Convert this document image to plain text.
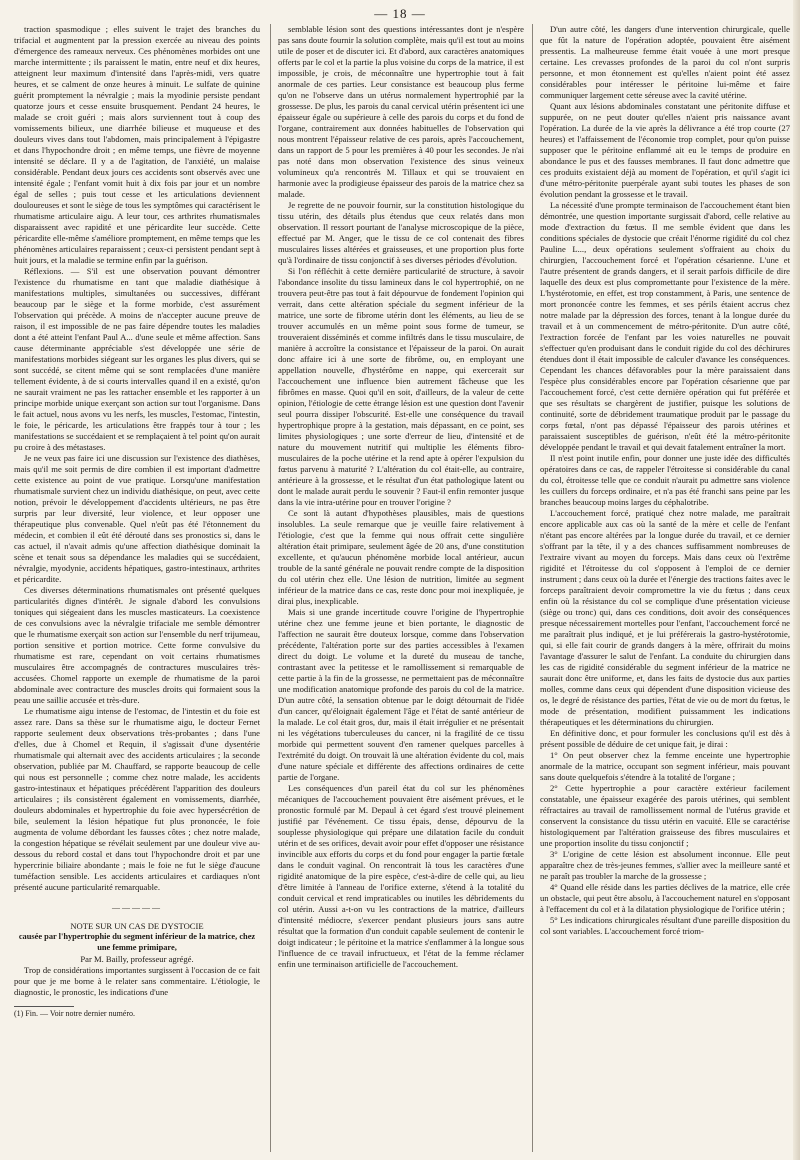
— 18 —

traction spasmodique ; elles suivent le trajet des branches du trifacial et augmentent par la pression exercée au niveau des points d'émergence des rameaux nerveux. Ces phénomènes morbides ont une marche intermittente ; ils paraissent le matin, entre neuf et dix heures, atteignent leur maximum d'intensité dans l'après-midi, vers quatre heures, et se calment de onze heures à minuit. Le sulfate de quinine guérit promptement la névralgie ; mais la myodinie persiste pendant quatorze jours et cesse ensuite brusquement. Pendant 24 heures, le malade se croit guéri ; mais alors surviennent tout à coup des vomissements bilieux, une diarrhée bilieuse et muqueuse et des douleurs vives dans tout l'abdomen, mais principalement à l'épigastre et dans l'hypochondre droit ; en même temps, une fièvre de moyenne intensité se déclare. Il y a de l'agitation, de l'anxiété, un malaise considérable. Pendant deux jours ces accidents sont observés avec une intensité égale ; l'enfant vomit huit à dix fois par jour et un nombre égal de selles ; puis tout cesse et les articulations deviennent douloureuses et sont le siège de tous les symptômes qui caractérisent le rhumatisme articulaire aigu. A leur tour, ces arthrites rhumatismales disparaissent avec rapidité et une péricardite leur succède. Cette péricardite elle-même s'améliore promptement, en même temps que les phénomènes articulaires reparaissent ; ceux-ci persistent pendant sept à huit jours, et la maladie se termine enfin par la guérison.

Réflexions. — S'il est une observation pouvant démontrer l'existence du rhumatisme en tant que maladie diathésique à manifestations multiples, simultanées ou successives, différant beaucoup par le siège et la forme morbide, c'est assurément l'observation qui précède. A moins de n'accepter aucune preuve de raison, il est impossible de ne pas faire dépendre toutes les maladies dont a été atteint l'enfant Paul A... d'une seule et même affection. Sans cause déterminante appréciable s'est développée une série de manifestations morbides siégeant sur les organes les plus divers, qui se sont succédé, se citent même qui se sont remplacées d'une manière tellement évidente, à de si courts intervalles quand il en a existé, qu'on ne saurait vraiment ne pas les rattacher ensemble et les rapporter à un principe morbide unique exerçant son action sur tout l'organisme. Dans le fait actuel, nous avons vu les nerfs, les muscles, l'estomac, l'intestin, le foie, le péricarde, les articulations être frappés tour à tour ; les manifestations se succédaient et se remplaçaient à tel point qu'on aurait pu croire à des métastases.

Je ne veux pas faire ici une discussion sur l'existence des diathèses, mais qu'il me soit permis de dire combien il est important d'admettre cette existence au point de vue pratique. Lorsqu'une manifestation rhumatismale survient chez un individu diathésique, on peut, avec cette notion, prévoir le développement d'accidents ultérieurs, ne pas être surpris par leur diversité, leur violence, et leur opposer une thérapeutique plus convenable. Quel n'eût pas été l'étonnement du médecin, et combien il eût été dérouté dans ses pronostics si, dans le cas actuel, il n'avait admis qu'une affection diathésique dominait la scène et tenait sous sa dépendance les maladies qui se succédaient, névralgie, myodynie, accidents hépatiques, gastro-intestinaux, arthrites et péricardite.

Ces diverses déterminations rhumatismales ont présenté quelques particularités dignes d'intérêt. Je signale d'abord les convulsions toniques qui siégeaient dans les muscles masticateurs. La coexistence de ces convulsions avec la névralgie trifaciale me semble démontrer que le rhumatisme exerçait son action sur l'ensemble du nerf trijumeau, portion sensitive et portion motrice. Cette forme convulsive du rhumatisme est rare, cependant on voit certains rhumatismes musculaires être accompagnés de contractures musculaires très-accusées. Chomel rapporte un exemple de rhumatisme de la paroi abdominale avec contracture des muscles droits qui formaient sous la peau une saillie accusée et très-dure.

Le rhumatisme aigu intense de l'estomac, de l'intestin et du foie est assez rare. Dans sa thèse sur le rhumatisme aigu, le docteur Fernet rapporte seulement deux observations très-probantes ; dans l'une d'elles, due à Chomel et Requin, il s'agissait d'une dysentérie rhumatismale qui alternait avec des accidents articulaires ; la seconde observation, publiée par M. Chauffard, se rapporte beaucoup de celle qui nous est personnelle ; comme chez notre malade, les accidents gastro-intestinaux et hépatiques précédèrent l'apparition des douleurs articulaires ; ils consistèrent également en vomissements, diarrhée, douleurs abdominales et hypertrophie du foie avec hypersécrétion de bile, seulement la lésion hépatique fut plus prononcée, le foie augmenta de volume débordant les fausses côtes ; chez notre malade, la congestion hépatique se révélait seulement par une douleur vive au-dessous du rebord costal et dans tout l'hypochondre droit et par une hypercrinie biliaire abondante ; mais le foie ne fut le siège d'aucune tuméfaction sensible. Les accidents articulaires et cardiaques n'ont présenté aucune particularité remarquable.

—————

NOTE SUR UN CAS DE DYSTOCIE

causée par l'hypertrophie du segment inférieur de la matrice, chez une femme primipare,

Par M. Bailly, professeur agrégé.

Trop de considérations importantes surgissent à l'occasion de ce fait pour que je me borne à le relater sans commentaire. L'étiologie, le diagnostic, le pronostic, les indications d'une

(1) Fin. — Voir notre dernier numéro.

semblable lésion sont des questions intéressantes dont je n'espère pas sans doute fournir la solution complète, mais qu'il est tout au moins utile de poser et de discuter ici. Et d'abord, aux caractères anatomiques offerts par le col et la partie la plus voisine du corps de la matrice, il est impossible, je crois, de méconnaître une hypertrophie tout à fait anormale de ces parties. Leur consistance est beaucoup plus ferme qu'on ne l'observe dans un utérus normalement hypertrophié par la grossesse. De plus, les parois du canal cervical utérin présentent ici une épaisseur égale ou supérieure à celle des parois du corps et du fond de l'organe, contrairement aux données habituelles de l'observation qui nous montrent l'épaisseur relative de ces parois, après l'accouchement, dans un rapport de 5 pour les premières à 40 pour les secondes. Je n'ai pas noté dans mon observation l'existence des sinus veineux volumineux qu'a rencontrés M. Tillaux et qui se trouvaient en harmonie avec la prodigieuse épaisseur des parois de la matrice chez sa malade.

Je regrette de ne pouvoir fournir, sur la constitution histologique du tissu utérin, des détails plus étendus que ceux relatés dans mon observation. Il ressort pourtant de l'analyse microscopique de la pièce, effectué par M. Anger, que le tissu de ce col contenait des fibres musculaires lisses altérées et graisseuses, et une proportion plus forte qu'à l'ordinaire de tissu conjonctif à ses diverses périodes d'évolution.

Si l'on réfléchit à cette dernière particularité de structure, à savoir l'abondance insolite du tissu lamineux dans le col hypertrophié, on ne trouvera peut-être pas tout à fait dépourvue de fondement l'opinion qui verrait, dans cette altération spéciale du segment inférieur de la matrice, une sorte de fibrome utérin dont les éléments, au lieu de se trouver accumulés en un même point sous forme de tumeur, se trouveraient disséminés et comme infiltrés dans le tissu musculaire, de manière à accroître la consistance et l'épaisseur de la paroi. On aurait donc affaire ici à une sorte de fibrôme, ou, en employant une appellation nouvelle, d'hystérôme en nappe, qui exercerait sur l'accouchement une influence bien autrement fâcheuse que les fibrômes en masse. Quoi qu'il en soit, d'ailleurs, de la valeur de cette opinion, l'étiologie de cette étrange lésion est une question dont l'avenir seul pourra dissiper l'obscurité. Est-elle une conséquence du travail hypertrophique propre à la gestation, mais dépassant, en ce point, ses limites physiologiques ; une sorte d'erreur de lieu, d'intensité et de nature du mouvement nutritif qui multiplie les éléments fibro-musculaires de la poche utérine et la rend apte à opérer l'expulsion du fœtus parvenu à maturité ? L'altération du col était-elle, au contraire, antérieure à la grossesse, et le résultat d'un état pathologique latent ou dont le malade aurait perdu le souvenir ? Faut-il enfin remonter jusque dans la vie intra-utérine pour en trouver l'origine ?

Ce sont là autant d'hypothèses plausibles, mais de questions insolubles. La seule remarque que je veuille faire relativement à l'étiologie, c'est que la femme qui nous offrait cette singulière altération était primipare, seulement âgée de 20 ans, d'une constitution excellente, et qu'aucun phénomène morbide local antérieur, aucun trouble de la santé générale ne pouvait rendre compte de la disposition du col utérin chez elle. Une lésion de nutrition, limitée au segment inférieur de la matrice dans ce cas, reste donc pour moi inexpliquée, je dirai plus, inexplicable.

Mais si une grande incertitude couvre l'origine de l'hypertrophie utérine chez une femme jeune et bien portante, le diagnostic de l'affection ne saurait être douteux lorsque, comme dans l'observation précédente, l'altération porte sur des parties accessibles à l'examen direct du doigt. Le volume et la dureté du museau de tanche, contrastant avec la petitesse et le ramollissement si remarquable de cette partie à la fin de la grossesse, ne permettaient pas de méconnaître une modification anatomique profonde des parois du col de la matrice. D'un autre côté, la sensation obtenue par le doigt détournait de l'idée d'un cancer, qu'éloignait également l'âge et l'état de santé antérieur de la malade. Le col était gros, dur, mais il était irrégulier et ne présentait ni les végétations tuberculeuses du cancer, ni la fragilité de ce tissu morbide qui permettent souvent d'en ramener quelques parcelles à l'extrémité du doigt. On trouvait là une altération évidente du col, mais d'une nature spéciale et différente des affections ordinaires de cette partie de l'organe.

Les conséquences d'un pareil état du col sur les phénomènes mécaniques de l'accouchement pouvaient être aisément prévues, et le pronostic formulé par M. Depaul à cet égard s'est trouvé pleinement justifié par l'événement. Ce tissu épais, dense, dépourvu de la souplesse physiologique qui prépare une dilatation facile du conduit utérin et de ses orifices, devait avoir pour effet d'opposer une résistance invincible aux efforts du corps et du fond pour engager la partie fœtale dans le conduit vaginal. On rencontrait là tous les caractères d'une rigidité anatomique de la pire espèce, c'est-à-dire de celle qui, au lieu d'être limitée à l'anneau de l'orifice externe, s'étend à la totalité du conduit cervical et rend impraticables ou inutiles les débridements du col utérin. Aussi a-t-on vu les contractions de la matrice, d'ailleurs d'intensité médiocre, s'exercer pendant plusieurs jours sans autre résultat que la formation d'un conduit capable seulement de contenir le doigt indicateur ; le péritoine et la matrice s'enflammer à la longue sous l'influence de ce travail infructueux, et l'état de la femme réclamer enfin une terminaison artificielle de l'accouchement.

D'un autre côté, les dangers d'une intervention chirurgicale, quelle que fût la nature de l'opération adoptée, pouvaient être aisément pressentis. La malheureuse femme était vouée à une mort presque certaine. Les crevasses profondes de la paroi du col n'ont surpris personne, et mon étonnement est qu'elles n'aient point été assez considérables pour intéresser le péritoine lui-même et faire communiquer largement cette séreuse avec la cavité utérine.

Quant aux lésions abdominales constatant une péritonite diffuse et suppurée, on ne peut douter qu'elles n'aient pris naissance avant l'opération. La durée de la vie après la délivrance a été trop courte (27 heures) et l'affaissement de l'économie trop complet, pour qu'on puisse supposer que le péritoine enflammé ait eu le temps de produire en abondance le pus et des fausses membranes. Il faut donc admettre que ces produits existaient déjà au moment de l'opération, et qu'il s'agit ici d'une métro-péritonite puerpérale ayant subi toutes les phases de son évolution pendant la grossesse et le travail.

La nécessité d'une prompte terminaison de l'accouchement étant bien démontrée, une question importante surgissait d'abord, celle relative au mode d'extraction du fœtus. Il me semble évident que dans les conditions spéciales de dystocie que créait l'énorme rigidité du col chez Pauline L..., deux opérations seulement s'offraient au choix du chirurgien, l'accouchement forcé et l'opération césarienne. L'une et l'autre présentent de grands dangers, et il serait parfois difficile de dire laquelle des deux est plus compromettante pour l'existence de la mère. L'hystérotomie, en effet, est trop constamment, à Paris, une sentence de mort prononcée contre les femmes, et ses périls étaient accrus chez notre malade par la dépression des forces, tenant à la longue durée du travail et à un commencement de métro-péritonite. D'un autre côté, l'extraction forcée de l'enfant par les voies naturelles ne pouvait s'effectuer qu'en produisant dans le conduit rigide du col des déchirures étendues dont il était impossible de calculer d'avance les conséquences. Cependant les chances défavorables pour la mère paraissaient dans l'espèce plus considérables encore par l'opération césarienne que par l'accouchement forcé, c'est cette dernière opération qui fut préférée et que ses résultats se chargèrent de justifier, puisque les solutions de continuité, sorte de débridement traumatique produit par le passage du corps fœtal, n'ont pas dépassé l'épaisseur des parois utérines et paraissaient susceptibles de guérison, n'eût été la métro-péritonite développée pendant le travail et qui devait fatalement entraîner la mort.

Il n'est point inutile enfin, pour donner une juste idée des difficultés opératoires dans ce cas, de rappeler l'étroitesse si considérable du canal du col, étroitesse telle que ce conduit n'aurait pu admettre sans violence les cuillers du forceps ordinaire, et n'a pas été franchi sans peine par les branches beaucoup moins larges du céphalotribe.

L'accouchement forcé, pratiqué chez notre malade, me paraîtrait encore applicable aux cas où la santé de la mère et celle de l'enfant n'étant pas encore altérées par la longue durée du travail, et ce dernier s'offrant par la tête, il y a des chances suffisamment nombreuses de l'extraire vivant au moyen du forceps. Mais dans ceux où l'extrême rigidité et l'étroitesse du col s'opposent à l'emploi de ce dernier instrument ; dans ceux où la durée et l'énergie des tractions faites avec le forceps paraîtraient devoir compromettre la vie du fœtus ; dans ceux enfin où la résistance du col se complique d'une présentation vicieuse (siège ou tronc) qui, dans ces conditions, doit avoir des conséquences presque nécessairement mortelles pour l'enfant, l'accouchement forcé ne me paraîtrait plus indiqué, et je lui préférerais la gastro-hystérotomie, qui, si elle fait courir de grands dangers à la mère, offrirait du moins l'avantage d'assurer le salut de l'enfant. La conduite du chirurgien dans les cas de rigidité considérable du segment inférieur de la matrice ne saurait donc être uniforme, et, dans les faits de dystocie dus aux parties molles, comme dans ceux qui dépendent d'une disposition vicieuse des os, le degré de résistance des parties, l'état de vie ou de mort du fœtus, le mode de présentation, modifient puissamment les indications thérapeutiques et les déterminations du chirurgien.

En définitive donc, et pour formuler les conclusions qu'il est dès à présent possible de déduire de cet unique fait, je dirai :

1° On peut observer chez la femme enceinte une hypertrophie anormale de la matrice, occupant son segment inférieur, mais pouvant sans doute quelquefois s'étendre à la totalité de l'organe ;

2° Cette hypertrophie a pour caractère extérieur facilement constatable, une épaisseur exagérée des parois utérines, qui semblent réfractaires au travail de ramollissement normal de l'utérus gravide et conservent la consistance du tissu utérin en vacuité. Elle se caractérise histologiquement par l'altération graisseuse des fibres musculaires et une proportion insolite du tissu conjonctif ;

3° L'origine de cette lésion est absolument inconnue. Elle peut apparaître chez de très-jeunes femmes, s'allier avec la meilleure santé et ne paraît pas troubler la marche de la grossesse ;

4° Quand elle réside dans les parties déclives de la matrice, elle crée un obstacle, qui peut être absolu, à l'accouchement naturel en s'opposant à l'effacement du col et à la dilatation physiologique de l'orifice utérin ;

5° Les indications chirurgicales résultant d'une pareille disposition du col sont variables. L'accouchement forcé triom-
